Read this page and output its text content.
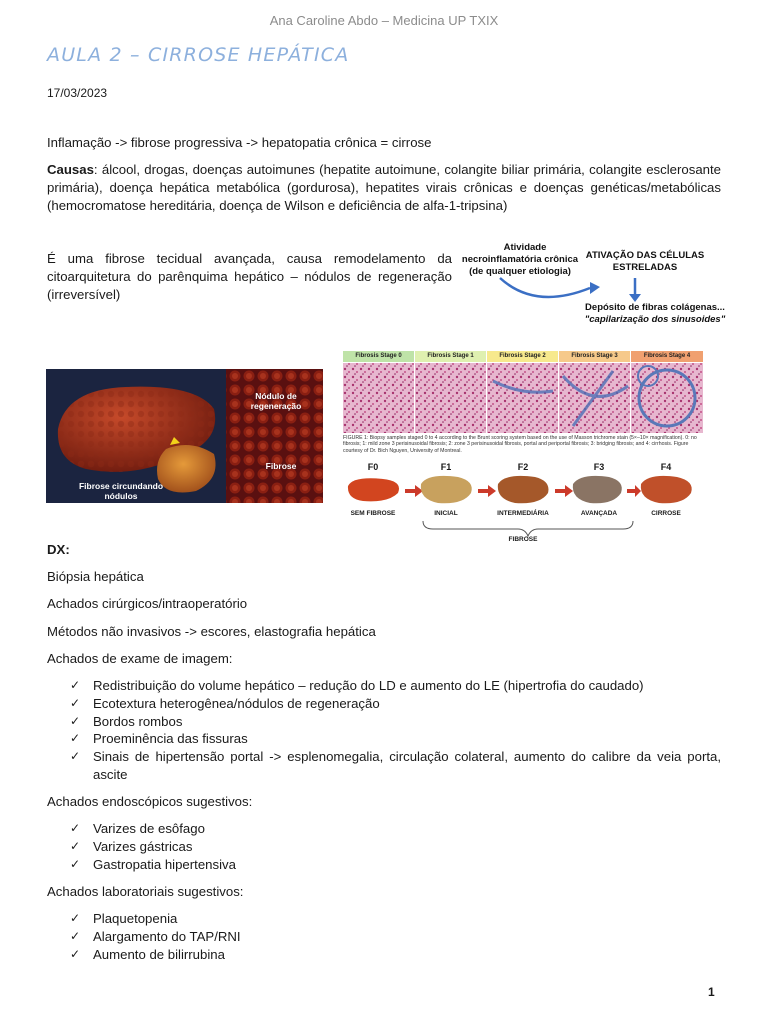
Ana Caroline Abdo – Medicina UP TXIX
AULA 2 – CIRROSE HEPÁTICA
17/03/2023
Inflamação -> fibrose progressiva -> hepatopatia crônica = cirrose
Causas: álcool, drogas, doenças autoimunes (hepatite autoimune, colangite biliar primária, colangite esclerosante primária), doença hepática metabólica (gordurosa), hepatites virais crônicas e doenças genéticas/metabólicas (hemocromatose hereditária, doença de Wilson e deficiência de alfa-1-tripsina)
É uma fibrose tecidual avançada, causa remodelamento da citoarquitetura do parênquima hepático – nódulos de regeneração (irreversível)
Atividade
necroinflamatória crônica
(de qualquer etiologia)
ATIVAÇÃO DAS CÉLULAS
ESTRELADAS
Depósito de fibras colágenas...
"capilarização dos sinusoides"
Nódulo de
regeneração
Fibrose
Fibrose circundando
nódulos
Fibrosis Stage 0	Fibrosis Stage 1	Fibrosis Stage 2	Fibrosis Stage 3	Fibrosis Stage 4
FIGURE 1: Biopsy samples staged 0 to 4 according to the Brunt scoring system based on the use of Masson trichrome stain (5×–10× magnification). 0: no fibrosis; 1: mild zone 3 perisinusoidal fibrosis; 2: zone 3 perisinusoidal fibrosis, portal and periportal fibrosis; 3: bridging fibrosis; and 4: cirrhosis. Figure courtesy of Dr. Bich Nguyen, University of Montreal.
F0	F1	F2	F3	F4
SEM FIBROSE	INICIAL	INTERMEDIÁRIA	AVANÇADA	CIRROSE
FIBROSE
DX:
Biópsia hepática
Achados cirúrgicos/intraoperatório
Métodos não invasivos -> escores, elastografia hepática
Achados de exame de imagem:
✓ Redistribuição do volume hepático – redução do LD e aumento do LE (hipertrofia do caudado)
✓ Ecotextura heterogênea/nódulos de regeneração
✓ Bordos rombos
✓ Proeminência das fissuras
✓ Sinais de hipertensão portal -> esplenomegalia, circulação colateral, aumento do calibre da veia porta, ascite
Achados endoscópicos sugestivos:
✓ Varizes de esôfago
✓ Varizes gástricas
✓ Gastropatia hipertensiva
Achados laboratoriais sugestivos:
✓ Plaquetopenia
✓ Alargamento do TAP/RNI
✓ Aumento de bilirrubina
1
